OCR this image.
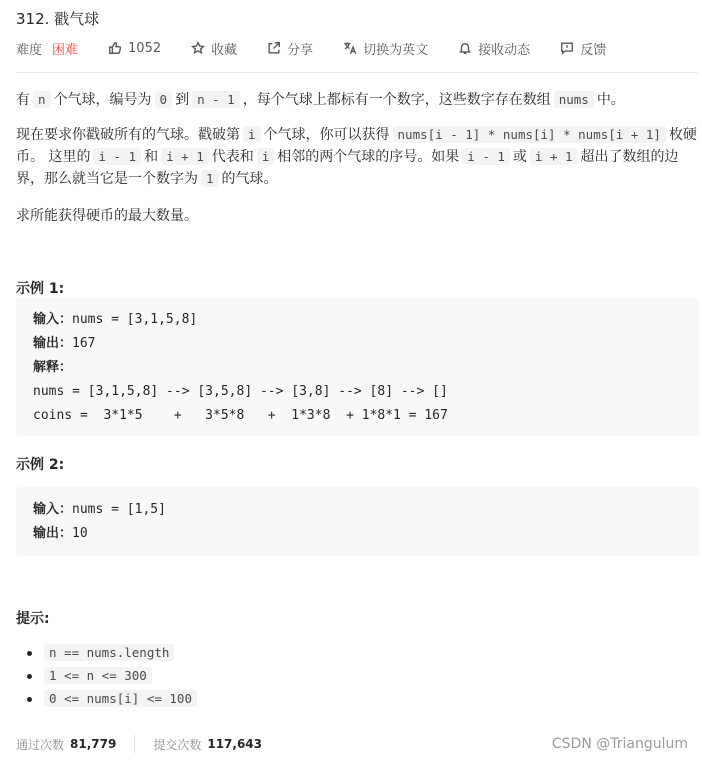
312. 戳气球
难度 困难	1052	收藏	分享	切换为英文	接收动态	反馈
有 n 个气球，编号为 0 到 n - 1 ，每个气球上都标有一个数字，这些数字存在数组 nums 中。
现在要求你戳破所有的气球。戳破第 i 个气球，你可以获得 nums[i - 1] * nums[i] * nums[i + 1] 枚硬币。 这里的 i - 1 和 i + 1 代表和 i 相邻的两个气球的序号。如果 i - 1 或 i + 1 超出了数组的边界，那么就当它是一个数字为 1 的气球。
求所能获得硬币的最大数量。
示例 1:
输入：nums = [3,1,5,8]
输出：167
解释：
nums = [3,1,5,8] --> [3,5,8] --> [3,8] --> [8] --> []
coins =  3*1*5    +   3*5*8   +  1*3*8  + 1*8*1 = 167
示例 2:
输入：nums = [1,5]
输出：10
提示:
n == nums.length
1 <= n <= 300
0 <= nums[i] <= 100
通过次数 81,779	提交次数 117,643	CSDN @Triangulum
